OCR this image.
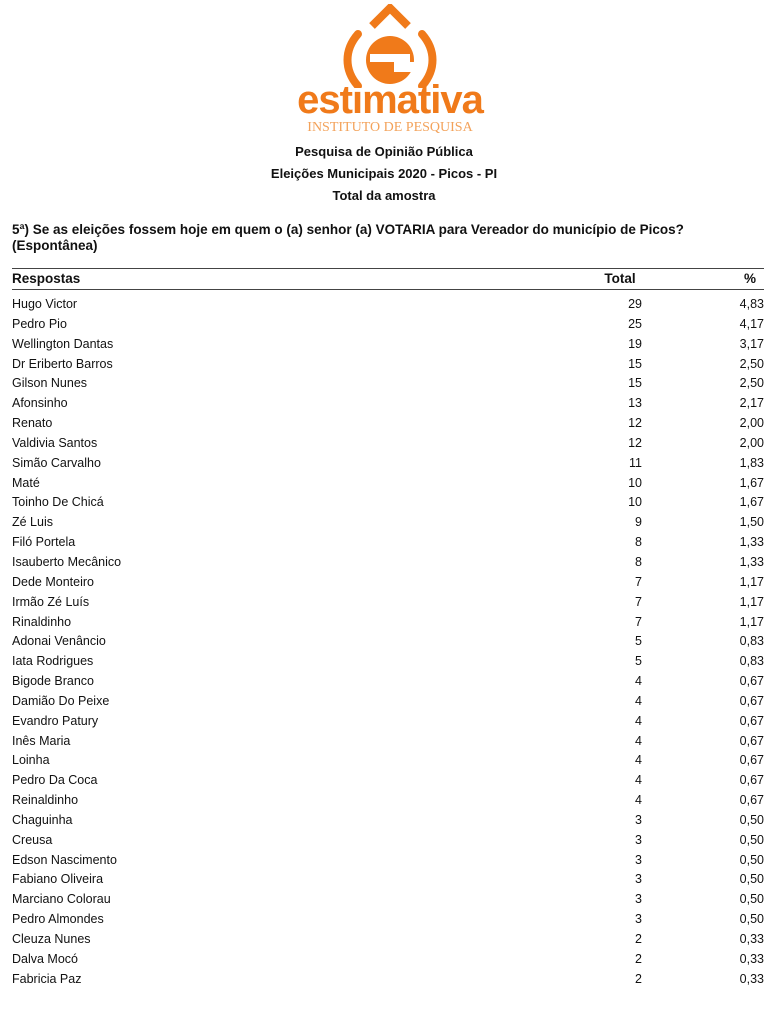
estimativa
INSTITUTO DE PESQUISA
Pesquisa de Opinião Pública
Eleições Municipais 2020 - Picos - PI
Total da amostra
5ª) Se as eleições fossem hoje em quem o (a) senhor (a) VOTARIA para Vereador do município de Picos? (Espontânea)
Respostas	Total	%
Hugo Victor	29	4,83
Pedro Pio	25	4,17
Wellington Dantas	19	3,17
Dr Eriberto Barros	15	2,50
Gilson Nunes	15	2,50
Afonsinho	13	2,17
Renato	12	2,00
Valdivia Santos	12	2,00
Simão Carvalho	11	1,83
Maté	10	1,67
Toinho De Chicá	10	1,67
Zé Luis	9	1,50
Filó Portela	8	1,33
Isauberto Mecânico	8	1,33
Dede Monteiro	7	1,17
Irmão Zé Luís	7	1,17
Rinaldinho	7	1,17
Adonai Venâncio	5	0,83
Iata Rodrigues	5	0,83
Bigode Branco	4	0,67
Damião Do Peixe	4	0,67
Evandro Patury	4	0,67
Inês Maria	4	0,67
Loinha	4	0,67
Pedro Da Coca	4	0,67
Reinaldinho	4	0,67
Chaguinha	3	0,50
Creusa	3	0,50
Edson Nascimento	3	0,50
Fabiano Oliveira	3	0,50
Marciano Colorau	3	0,50
Pedro Almondes	3	0,50
Cleuza Nunes	2	0,33
Dalva Mocó	2	0,33
Fabricia Paz	2	0,33
